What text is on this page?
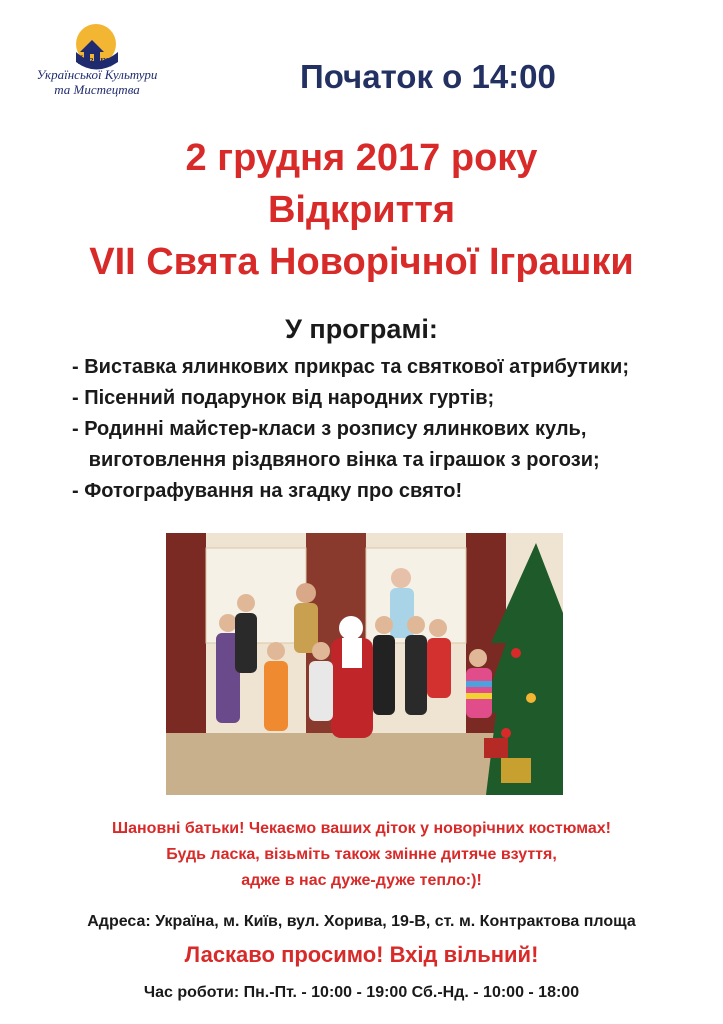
Центр
Української Культури
та Мистецтва	Початок о 14:00
2 грудня 2017 року
Відкриття
VII Свята Новорічної Іграшки
У програмі:
- Виставка ялинкових прикрас та святкової атрибутики;
- Пісенний подарунок від народних гуртів;
- Родинні майстер-класи з розпису ялинкових куль,
виготовлення різдвяного вінка та іграшок з рогози;
- Фотографування на згадку про свято!
Шановні батьки! Чекаємо ваших діток у новорічних костюмах!
Будь ласка, візьміть також змінне дитяче взуття,
адже в нас дуже-дуже тепло:)!
Адреса: Україна, м. Київ, вул. Хорива, 19-В, ст. м. Контрактова площа
Ласкаво просимо! Вхід вільний!
Час роботи: Пн.-Пт. - 10:00 - 19:00 Сб.-Нд. - 10:00 - 18:00
